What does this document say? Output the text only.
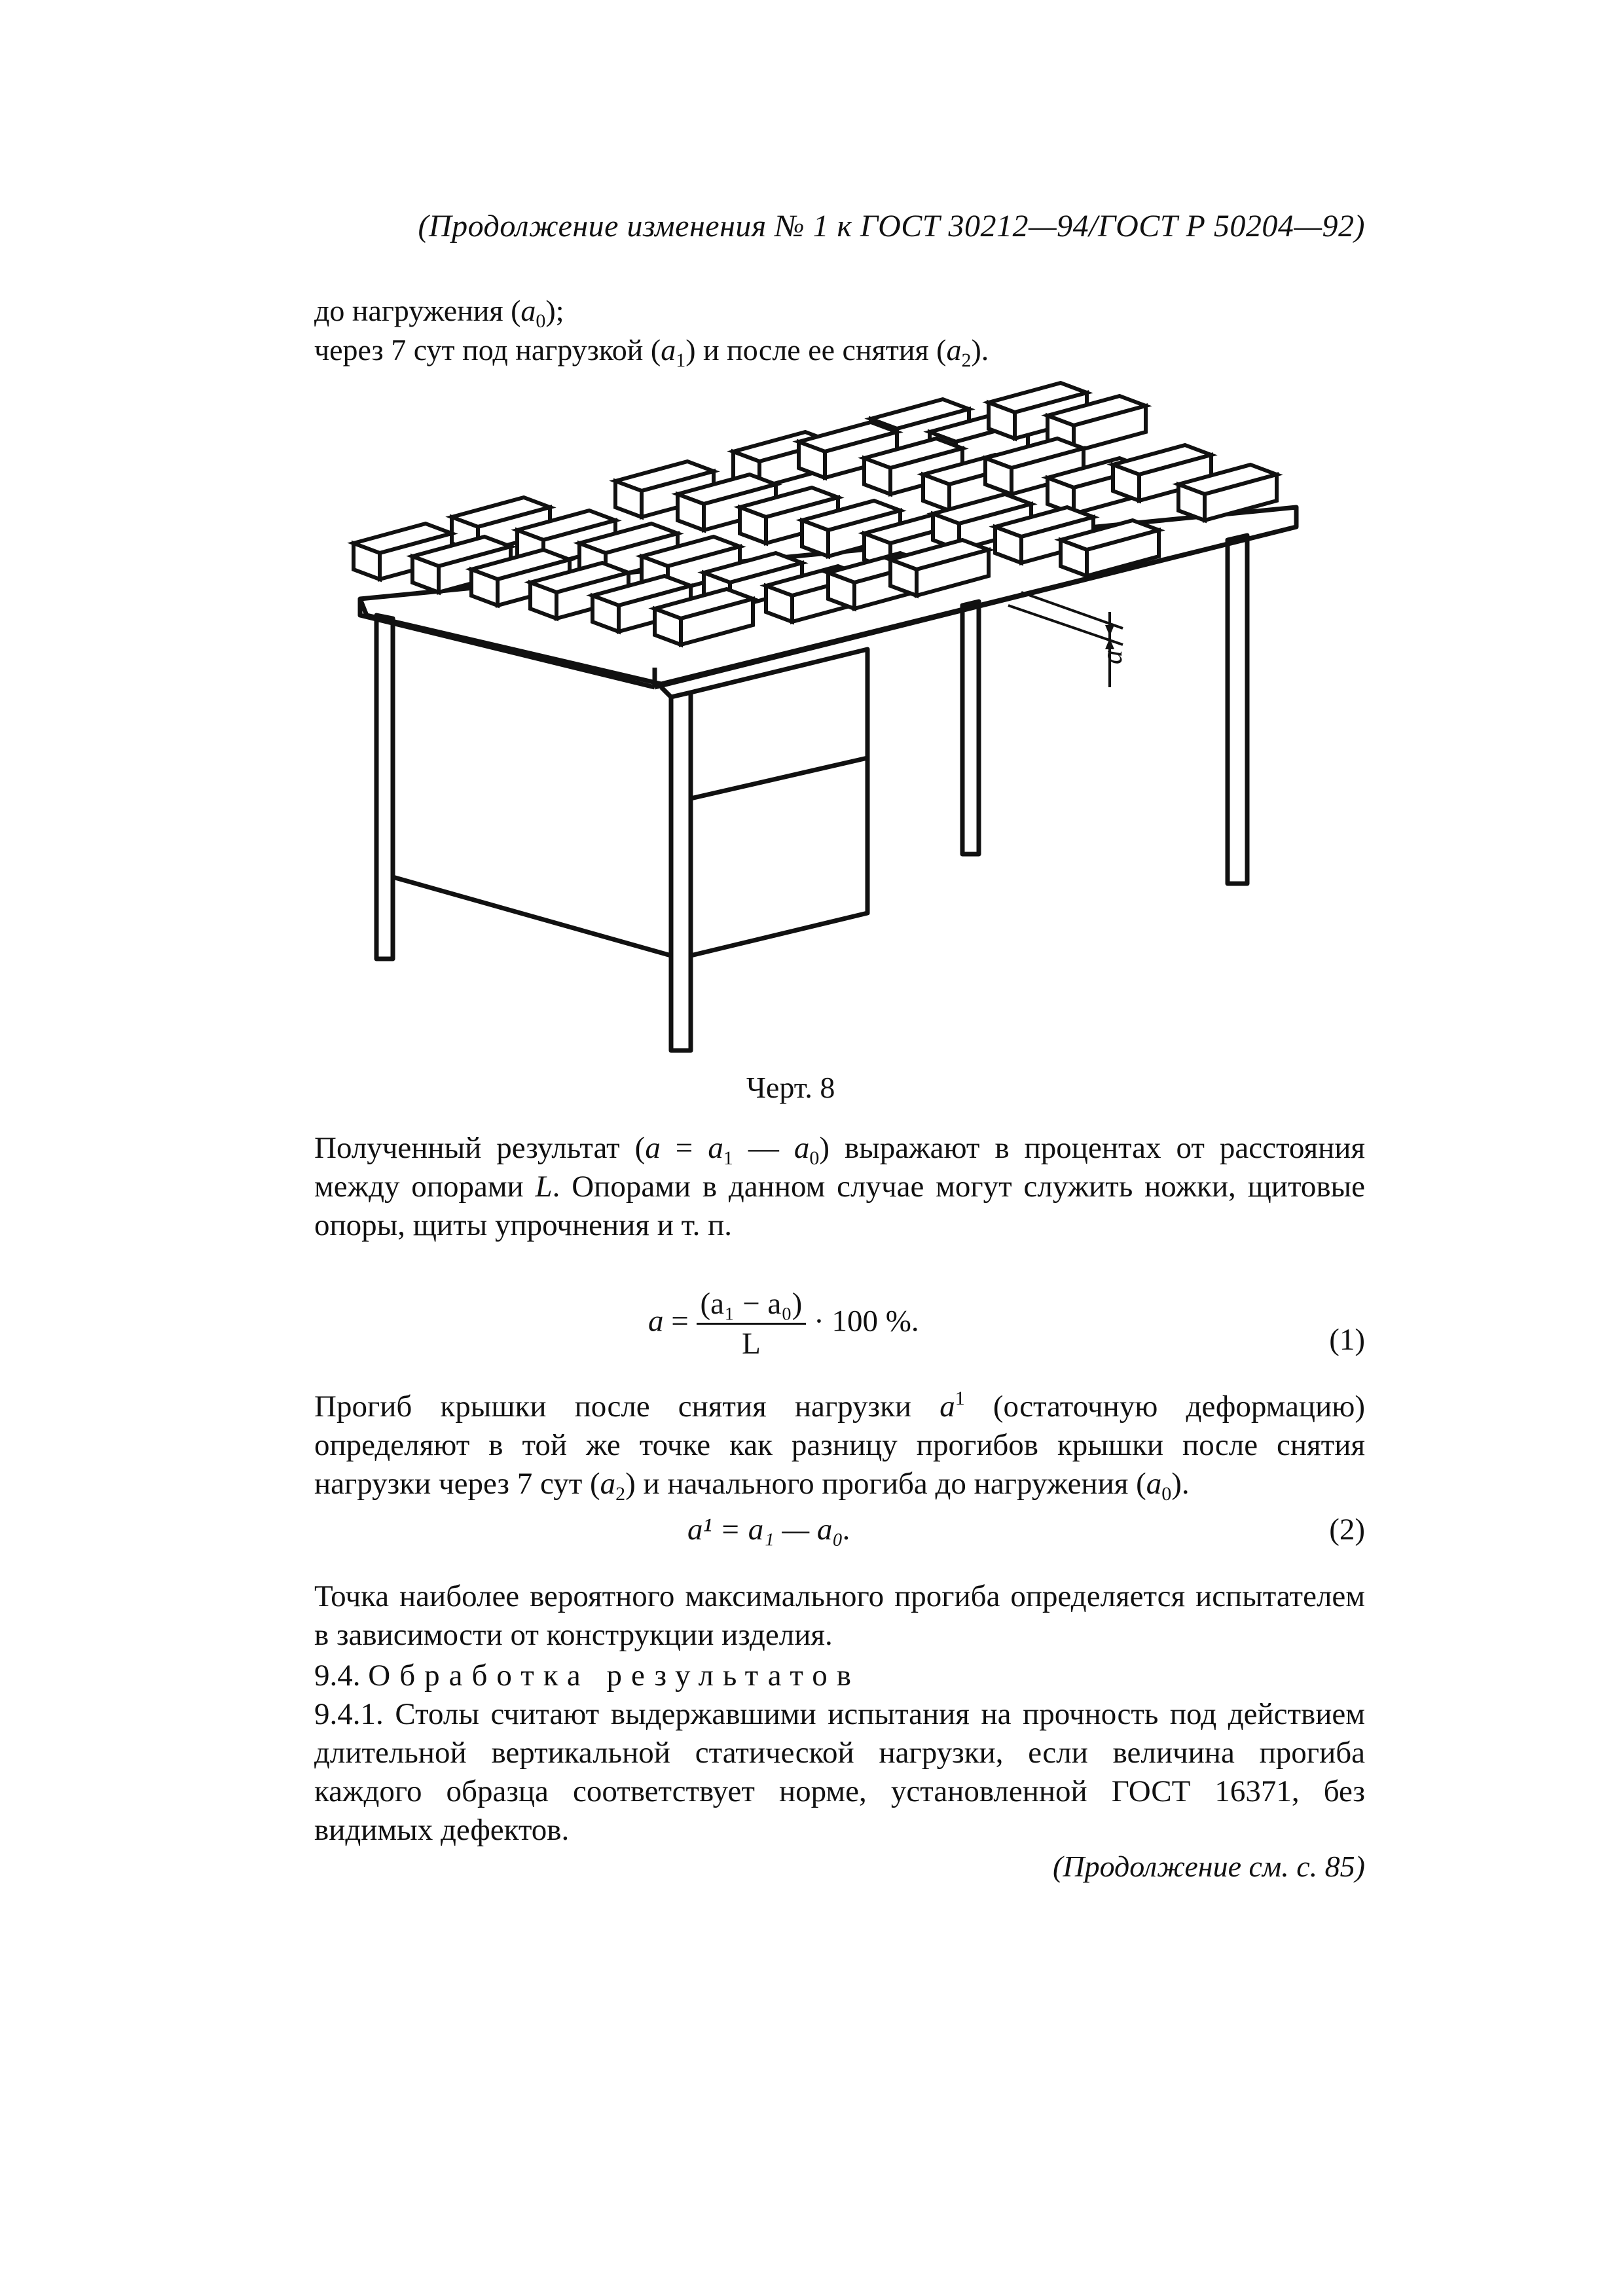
(Продолжение изменения № 1 к ГОСТ 30212—94/ГОСТ Р 50204—92)
до нагружения $(a_0)$;
через 7 сут под нагрузкой $(a_1)$ и после ее снятия $(a_2)$.
a
Черт. 8

Полученный результат ($a = a_1$ — $a_0$) выражают в процентах от расстояния между опорами L. Опорами в данном случае могут служить ножки, щитовые опоры, щиты упрочнения и т. п.

$a = \frac{\text{(a₁ − a₀)}}{L} \cdot 100$ %.
(1)

Прогиб крышки после снятия нагрузки $a^1$ (остаточную деформацию) определяют в той же точке как разницу прогибов крышки после снятия нагрузки через 7 сут $(a_2)$ и начального прогиба до нагружения $(a_0)$.

a¹ = a₁ — a₀.	(2)

Точка наиболее вероятного максимального прогиба определяется испытателем в зависимости от конструкции изделия.

9.4. Обработка результатов

9.4.1. Столы считают выдержавшими испытания на прочность под действием длительной вертикальной статической нагрузки, если величина прогиба каждого образца соответствует норме, установленной ГОСТ 16371, без видимых дефектов.

(Продолжение см. с. 85)
